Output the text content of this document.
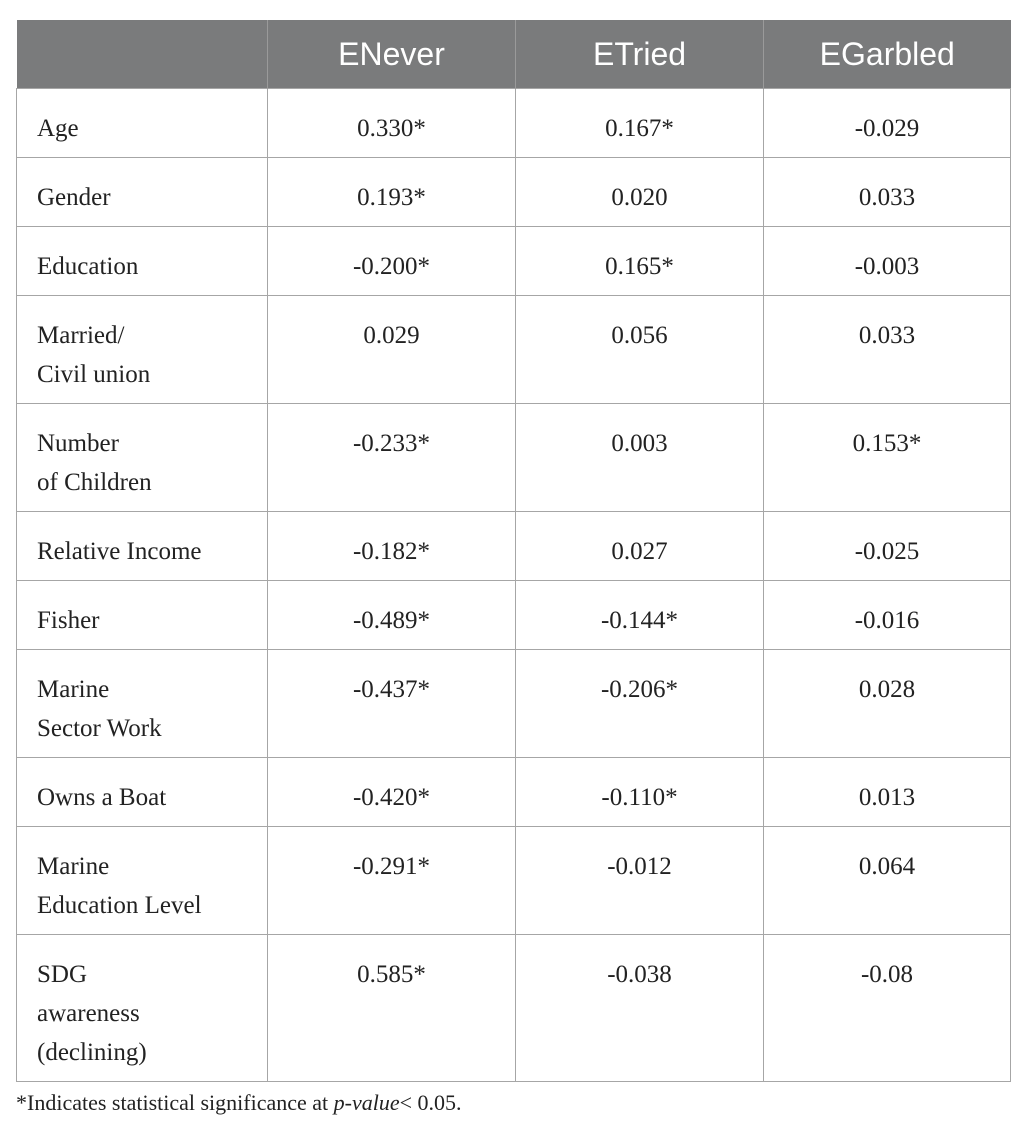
	ENever	ETried	EGarbled
Age	0.330*	0.167*	-0.029
Gender	0.193*	0.020	0.033
Education	-0.200*	0.165*	-0.003
Married/
Civil union	0.029	0.056	0.033
Number
of Children	-0.233*	0.003	0.153*
Relative Income	-0.182*	0.027	-0.025
Fisher	-0.489*	-0.144*	-0.016
Marine
Sector Work	-0.437*	-0.206*	0.028
Owns a Boat	-0.420*	-0.110*	0.013
Marine
Education Level	-0.291*	-0.012	0.064
SDG
awareness
(declining)	0.585*	-0.038	-0.08

*Indicates statistical significance at p-value< 0.05.
